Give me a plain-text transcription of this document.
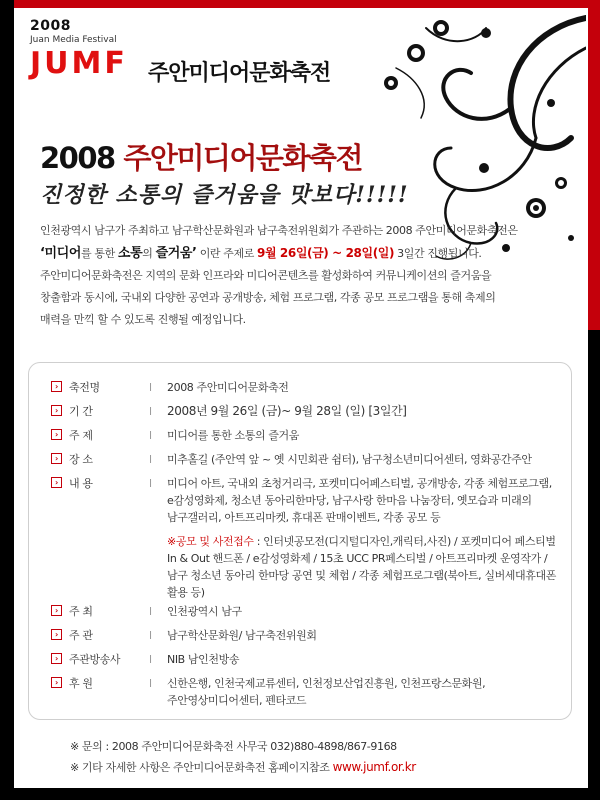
2008
Juan Media Festival
JUMF 주안미디어문화축전
2008 주안미디어문화축전
진정한 소통의 즐거움을 맛보다!!!!!

인천광역시 남구가 주최하고 남구학산문화원과 남구축전위원회가 주관하는 2008 주안미디어문화축전은

‘미디어를 통한 소통의 즐거움’ 이란 주제로 9월 26일(금) ~ 28일(일) 3일간 진행됩니다.

주안미디어문화축전은 지역의 문화 인프라와 미디어콘텐츠를 활성화하여 커뮤니케이션의 즐거움을

창출함과 동시에, 국내외 다양한 공연과 공개방송, 체험 프로그램, 각종 공모 프로그램을 통해 축제의

매력을 만끽 할 수 있도록 진행될 예정입니다.

›	축전명	l 2008 주안미디어문화축전
›	기 간	l 2008년 9월 26일 (금)~ 9월 28일 (일) [3일간]
›	주 제	l 미디어를 통한 소통의 즐거움
›	장 소	l 미추홀길 (주안역 앞 ~ 옛 시민회관 쉼터), 남구청소년미디어센터, 영화공간주안
›	내 용	l 미디어 아트, 국내외 초청거리극, 포켓미디어페스티벌, 공개방송, 각종 체험프로그램,
e감성영화제, 청소년 동아리한마당, 남구사랑 한마음 나눔장터, 옛모습과 미래의
남구갤러리, 아트프리마켓, 휴대폰 판매이벤트, 각종 공모 등
※공모 및 사전접수 : 인터넷공모전(디지털디자인,캐릭터,사진) / 포켓미디어 페스티벌
In & Out 핸드폰 / e감성영화제 / 15초 UCC PR페스티벌 / 아트프리마켓 운영작가 /
남구 청소년 동아리 한마당 공연 및 체험 / 각종 체험프로그램(북아트, 실버세대휴대폰
활용 등)
›	주 최	l 인천광역시 남구
›	주 관	l 남구학산문화원/ 남구축전위원회
›	주관방송사	l NIB 남인천방송
›	후 원	l 신한은행, 인천국제교류센터, 인천정보산업진흥원, 인천프랑스문화원,
주안영상미디어센터, 펜타코드
※ 문의 : 2008 주안미디어문화축전 사무국 032)880-4898/867-9168
※ 기타 자세한 사항은 주안미디어문화축전 홈페이지참조 www.jumf.or.kr
